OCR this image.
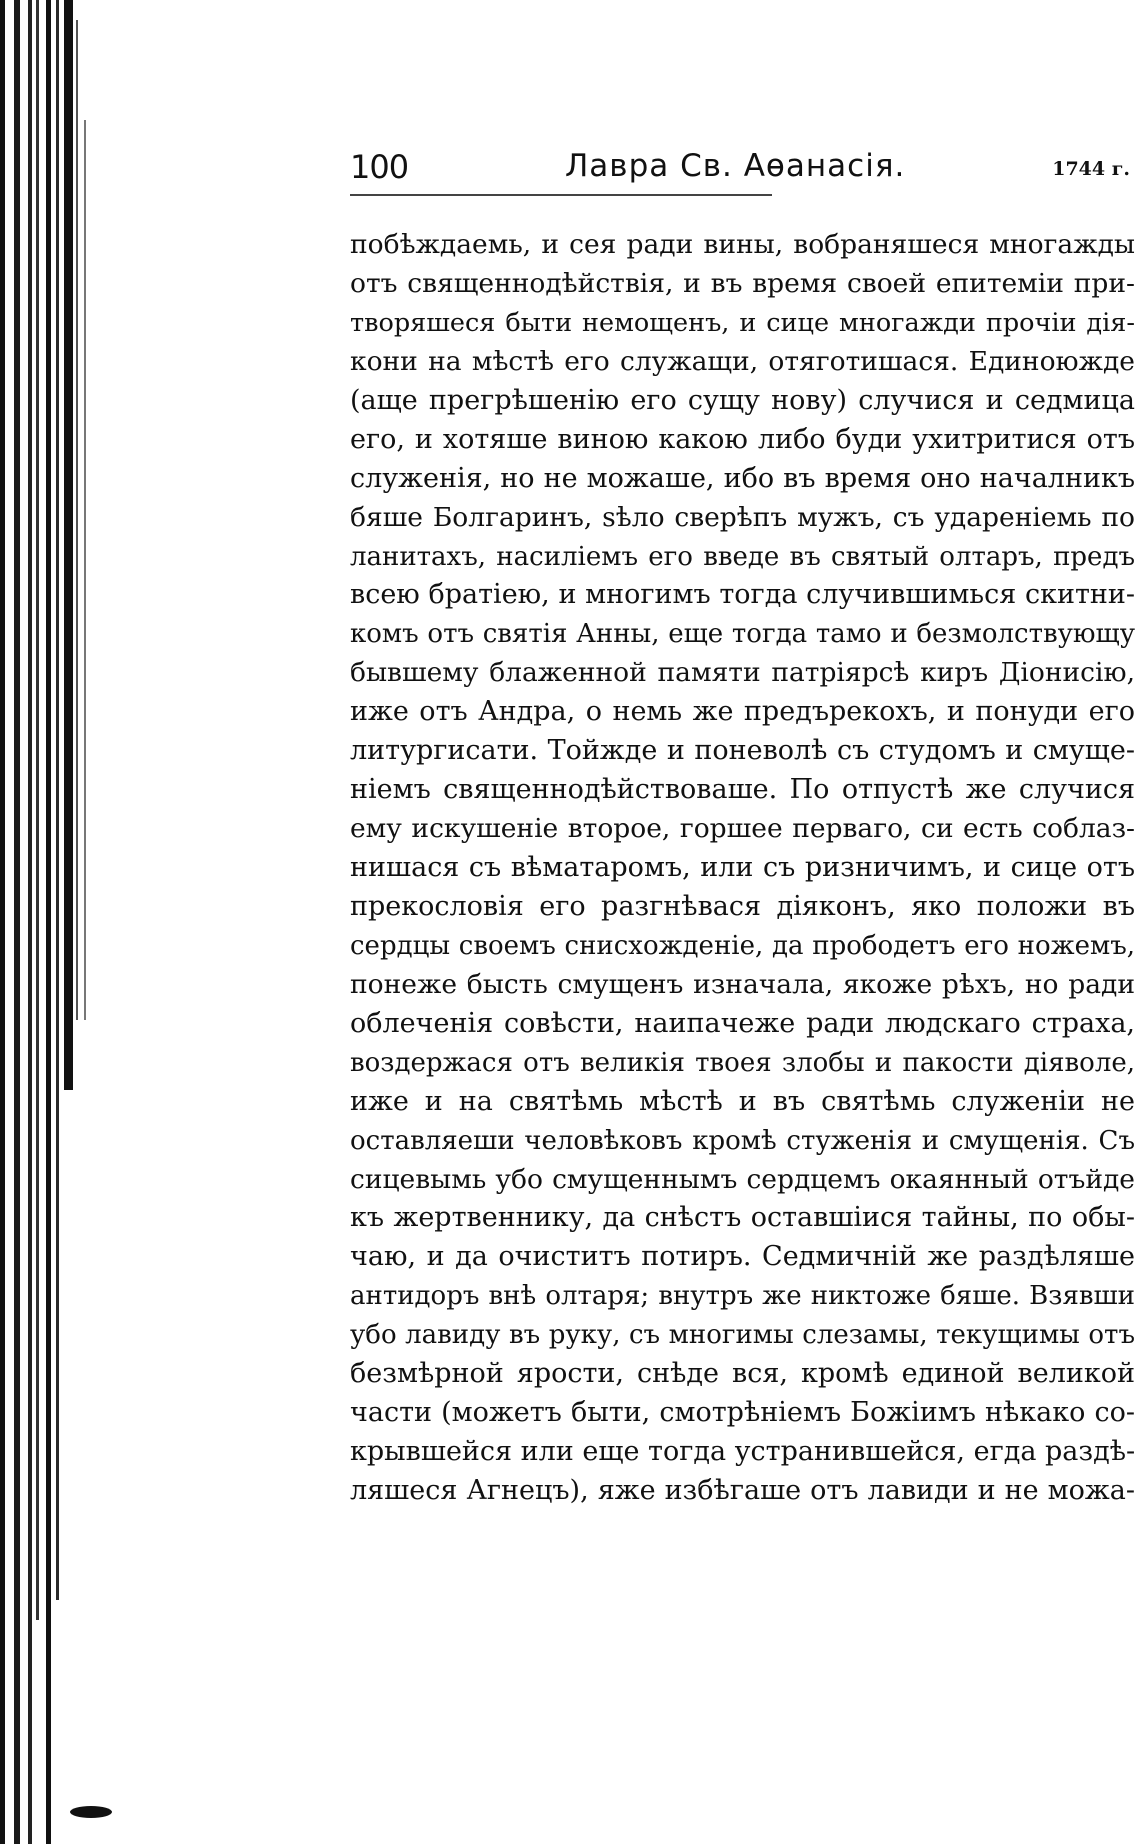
100	Лавра Св. Аѳанасія.	1744 г.
побѣждаемь, и сея ради вины, вобраняшеся многажды
отъ священнодѣйствія, и въ время своей епитеміи при-
творяшеся быти немощенъ, и сице многажди прочіи дія-
кони на мѣстѣ его служащи, отяготишася. Единоюжде
(аще прегрѣшенію его сущу нову) случися и седмица
его, и хотяше виною какою либо буди ухитритися отъ
служенія, но не можаше, ибо въ время оно началникъ
бяше Болгаринъ, ѕѣло сверѣпъ мужъ, съ удареніемь по
ланитахъ, насиліемъ его введе въ святый олтаръ, предъ
всею братіею, и многимъ тогда случившимься скитни-
комъ отъ святія Анны, еще тогда тамо и безмолствующу
бывшему блаженной памяти патріярсѣ киръ Діонисію,
иже отъ Андра, о немь же предърекохъ, и понуди его
литургисати. Тойжде и поневолѣ съ студомъ и смуще-
ніемъ священнодѣйствоваше. По отпустѣ же случися
ему искушеніе второе, горшее перваго, си есть соблаз-
нишася съ вѣматаромъ, или съ ризничимъ, и сице отъ
прекословія его разгнѣвася діяконъ, яко положи въ
сердцы своемъ снисхожденіе, да прободетъ его ножемъ,
понеже бысть смущенъ изначала, якоже рѣхъ, но ради
облеченія совѣсти, наипачеже ради людскаго страха,
воздержася отъ великія твоея злобы и пакости діяволе,
иже и на святѣмь мѣстѣ и въ святѣмь служеніи не
оставляеши человѣковъ кромѣ стуженія и смущенія. Съ
сицевымь убо смущеннымъ сердцемъ окаянный отъйде
къ жертвеннику, да снѣстъ оставшіися тайны, по обы-
чаю, и да очиститъ потиръ. Седмичній же раздѣляше
антидоръ внѣ олтаря; внутръ же никтоже бяше. Взявши
убо лавиду въ руку, съ многимы слезамы, текущимы отъ
безмѣрной ярости, снѣде вся, кромѣ единой великой
части (можетъ быти, смотрѣніемъ Божіимъ нѣкако со-
крывшейся или еще тогда устранившейся, егда раздѣ-
ляшеся Агнецъ), яже избѣгаше отъ лавиди и не можа-
